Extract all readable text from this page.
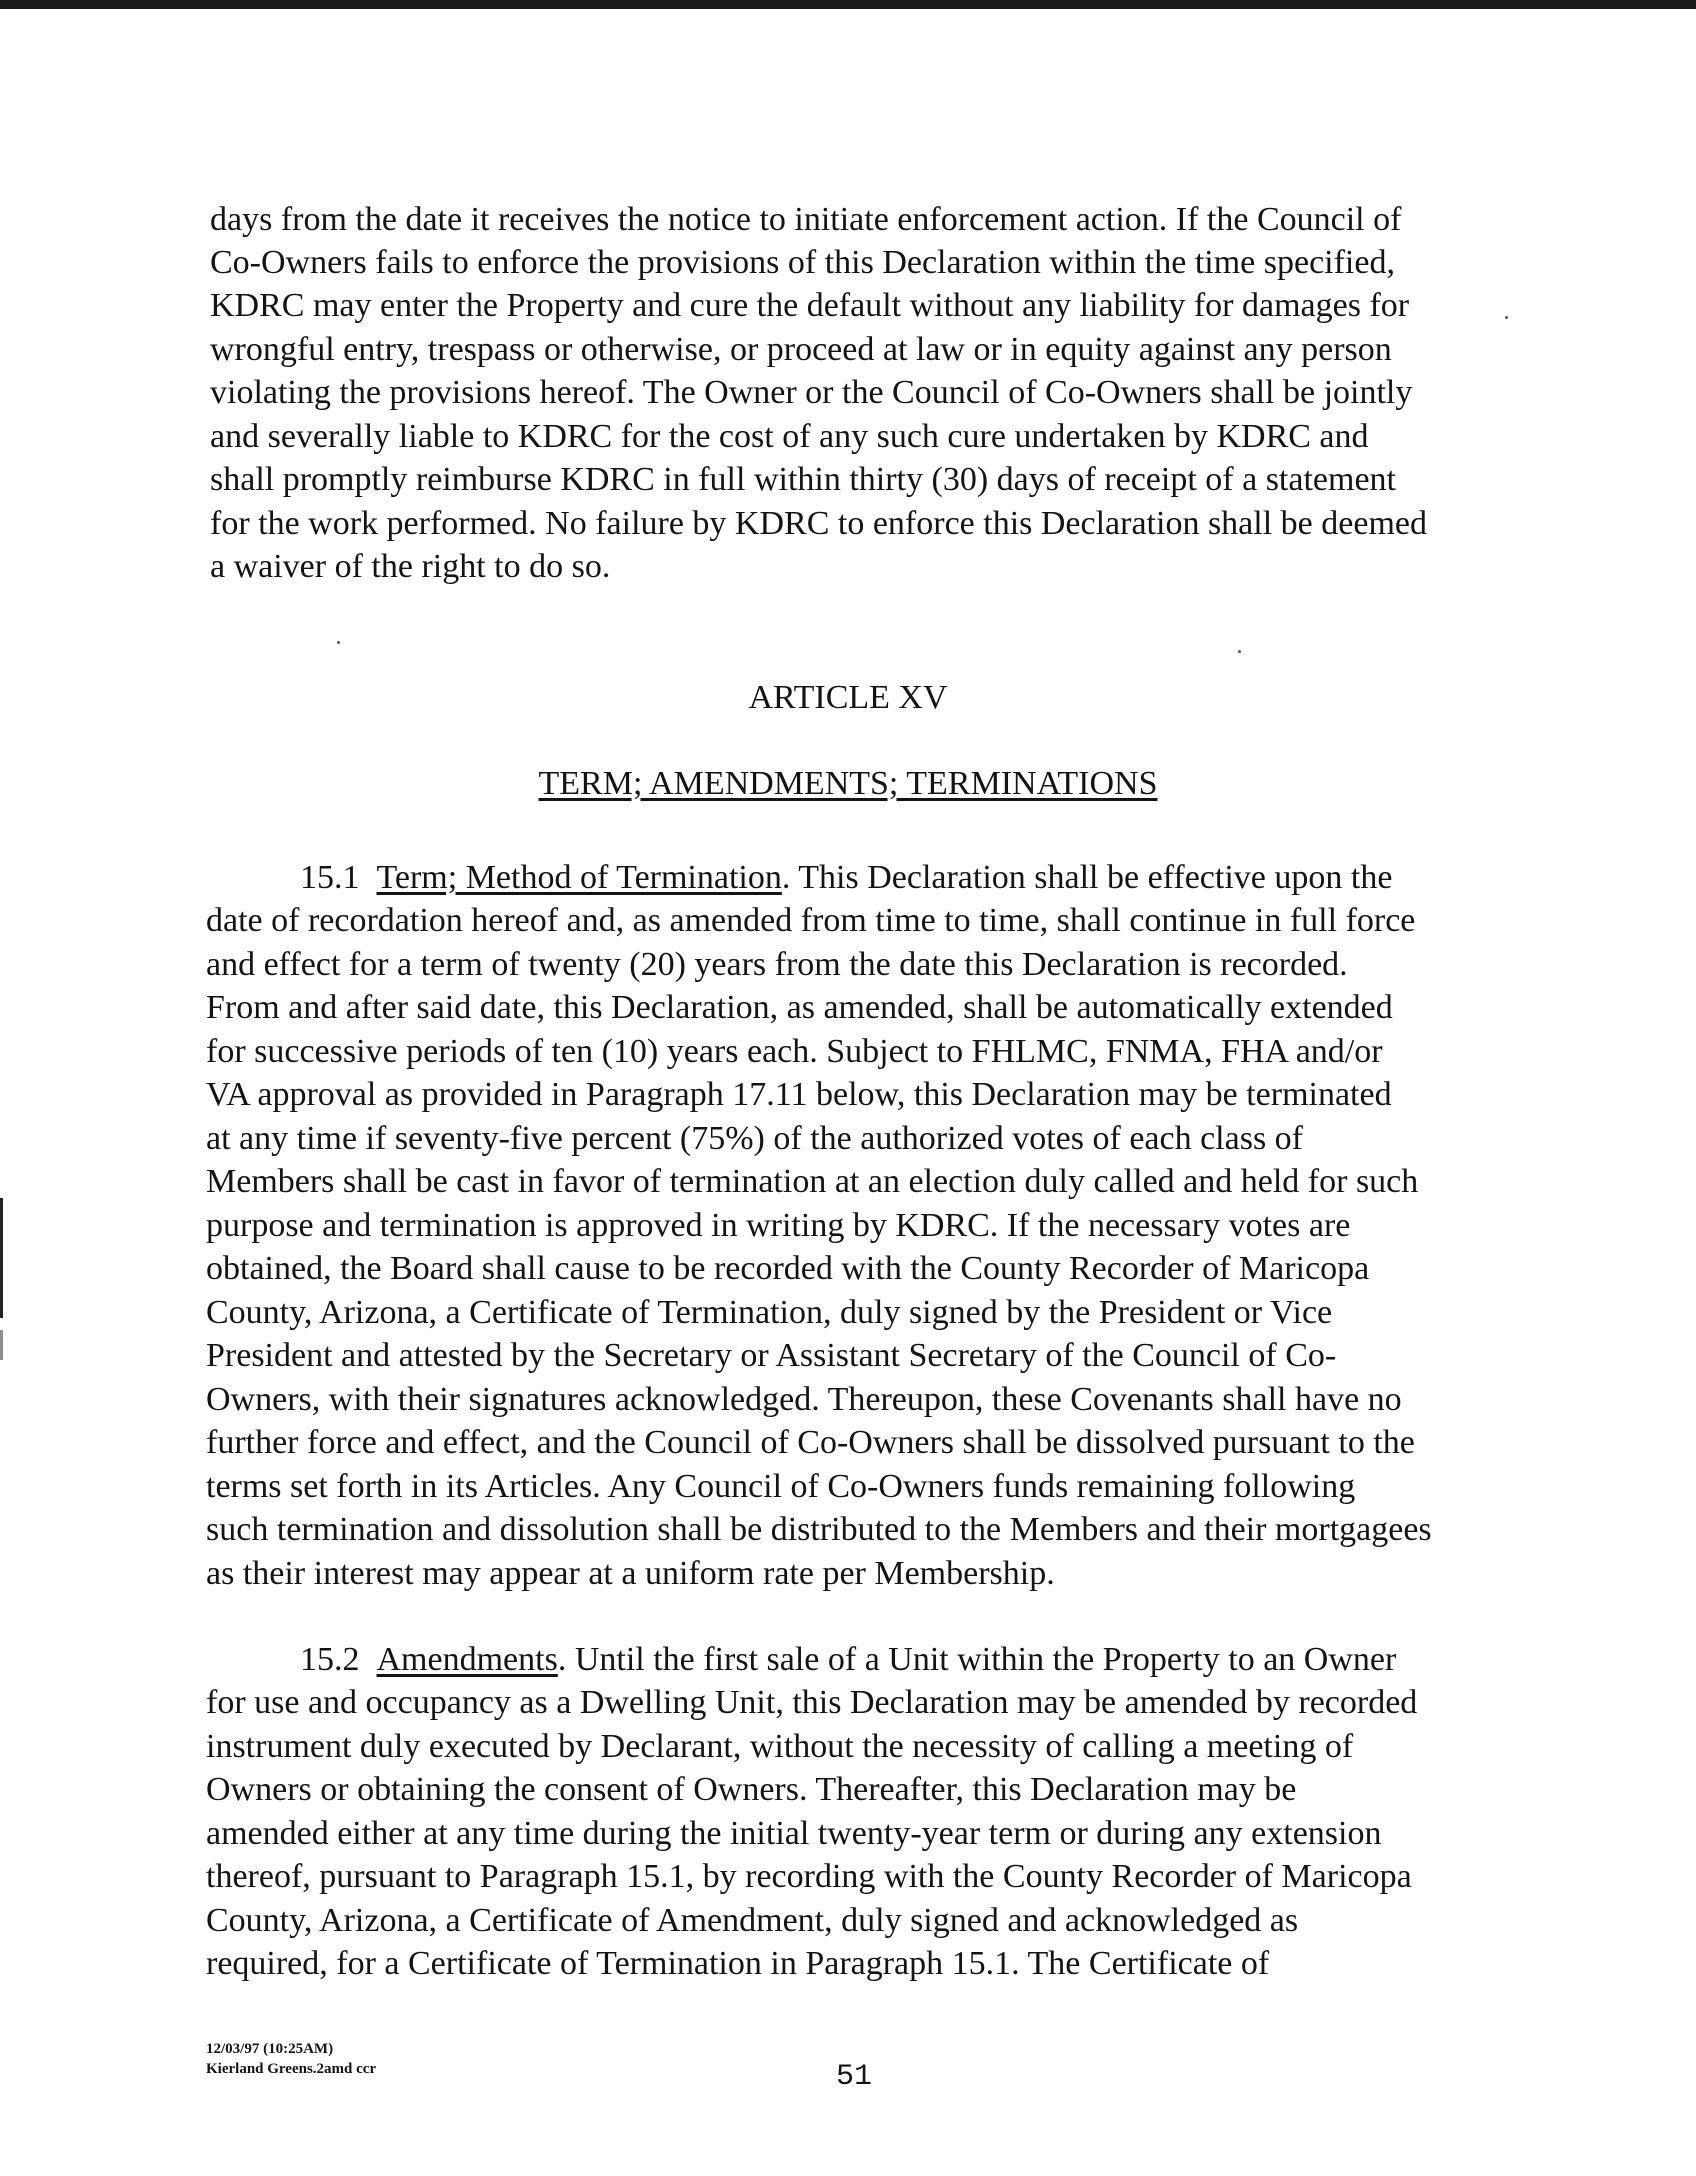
days from the date it receives the notice to initiate enforcement action. If the Council of
Co-Owners fails to enforce the provisions of this Declaration within the time specified,
KDRC may enter the Property and cure the default without any liability for damages for
wrongful entry, trespass or otherwise, or proceed at law or in equity against any person
violating the provisions hereof. The Owner or the Council of Co-Owners shall be jointly
and severally liable to KDRC for the cost of any such cure undertaken by KDRC and
shall promptly reimburse KDRC in full within thirty (30) days of receipt of a statement
for the work performed. No failure by KDRC to enforce this Declaration shall be deemed
a waiver of the right to do so.
ARTICLE XV
TERM; AMENDMENTS; TERMINATIONS
15.1 Term; Method of Termination. This Declaration shall be effective upon the
date of recordation hereof and, as amended from time to time, shall continue in full force
and effect for a term of twenty (20) years from the date this Declaration is recorded.
From and after said date, this Declaration, as amended, shall be automatically extended
for successive periods of ten (10) years each. Subject to FHLMC, FNMA, FHA and/or
VA approval as provided in Paragraph 17.11 below, this Declaration may be terminated
at any time if seventy-five percent (75%) of the authorized votes of each class of
Members shall be cast in favor of termination at an election duly called and held for such
purpose and termination is approved in writing by KDRC. If the necessary votes are
obtained, the Board shall cause to be recorded with the County Recorder of Maricopa
County, Arizona, a Certificate of Termination, duly signed by the President or Vice
President and attested by the Secretary or Assistant Secretary of the Council of Co-
Owners, with their signatures acknowledged. Thereupon, these Covenants shall have no
further force and effect, and the Council of Co-Owners shall be dissolved pursuant to the
terms set forth in its Articles. Any Council of Co-Owners funds remaining following
such termination and dissolution shall be distributed to the Members and their mortgagees
as their interest may appear at a uniform rate per Membership.
15.2 Amendments. Until the first sale of a Unit within the Property to an Owner
for use and occupancy as a Dwelling Unit, this Declaration may be amended by recorded
instrument duly executed by Declarant, without the necessity of calling a meeting of
Owners or obtaining the consent of Owners. Thereafter, this Declaration may be
amended either at any time during the initial twenty-year term or during any extension
thereof, pursuant to Paragraph 15.1, by recording with the County Recorder of Maricopa
County, Arizona, a Certificate of Amendment, duly signed and acknowledged as
required, for a Certificate of Termination in Paragraph 15.1. The Certificate of
12/03/97 (10:25AM)
Kierland Greens.2amd ccr	51
